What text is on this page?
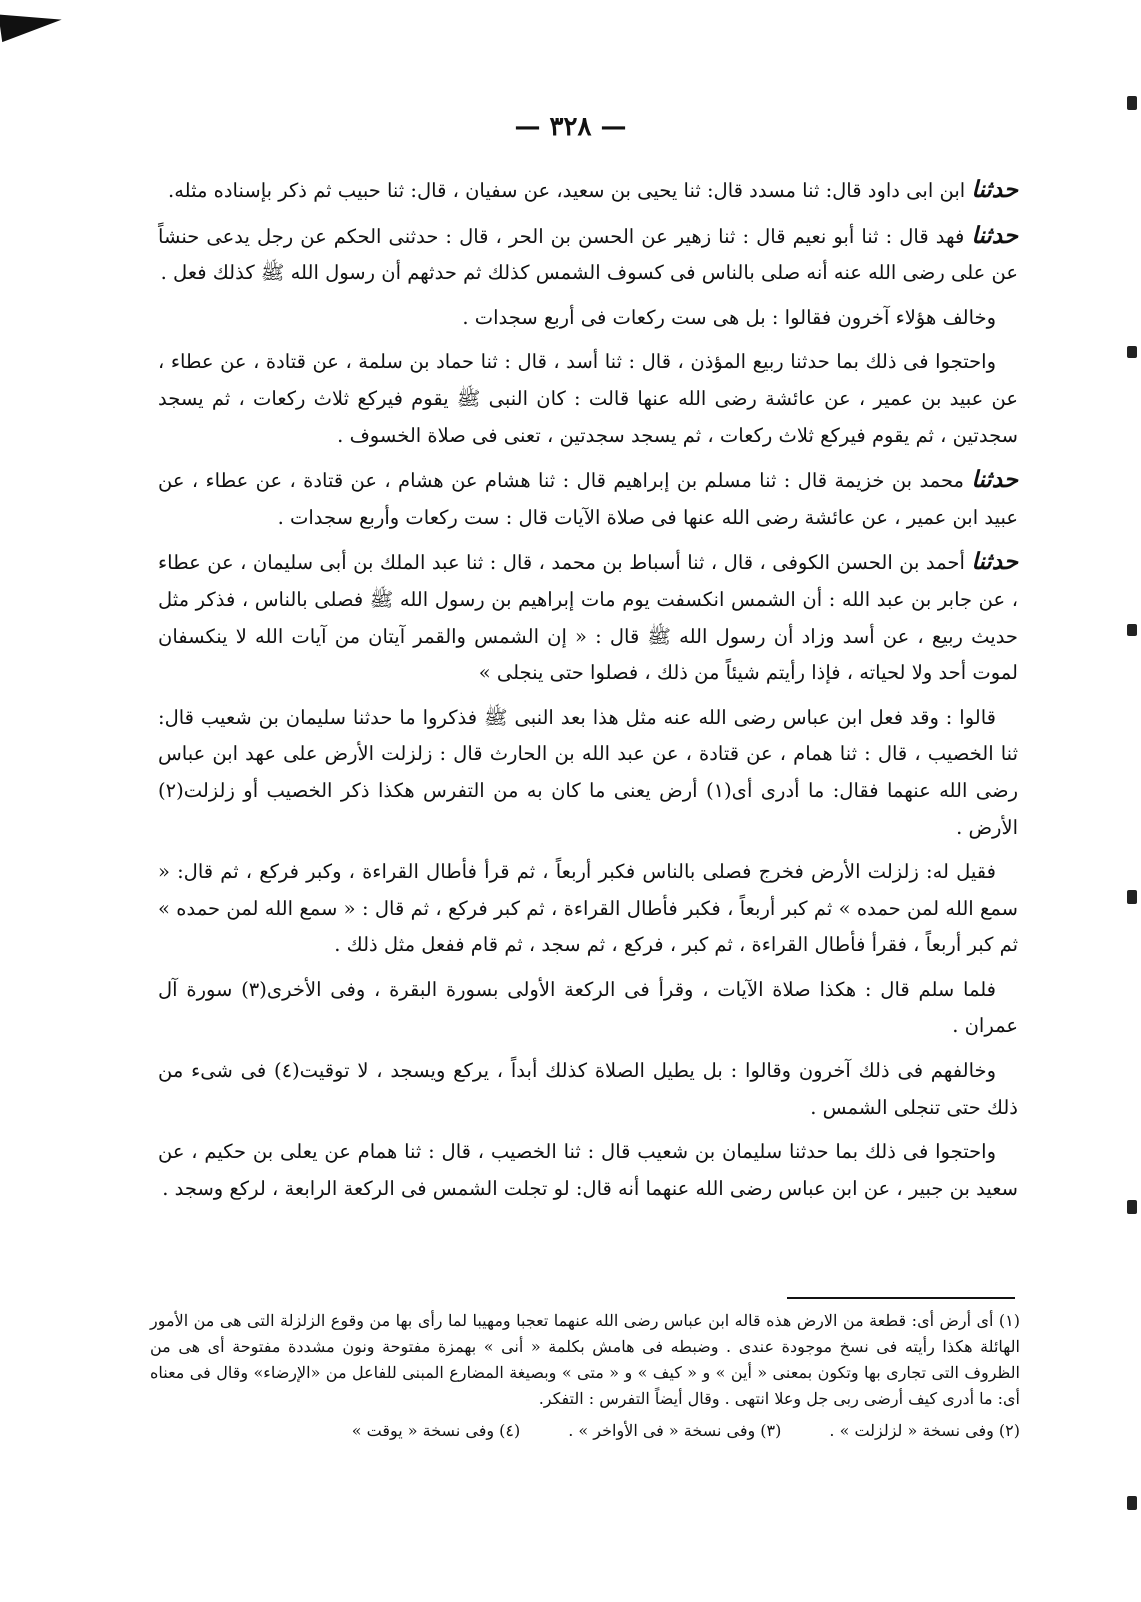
— ٣٢٨ —

حدثنا ابن ابى داود قال: ثنا مسدد قال: ثنا يحيى بن سعيد، عن سفيان ، قال: ثنا حبيب ثم ذكر بإسناده مثله.

حدثنا فهد قال : ثنا أبو نعيم قال : ثنا زهير عن الحسن بن الحر ، قال : حدثنى الحكم عن رجل يدعى حنشاً عن على رضى الله عنه أنه صلى بالناس فى كسوف الشمس كذلك ثم حدثهم أن رسول الله ﷺ كذلك فعل .

وخالف هؤلاء آخرون فقالوا : بل هى ست ركعات فى أربع سجدات .

واحتجوا فى ذلك بما حدثنا ربيع المؤذن ، قال : ثنا أسد ، قال : ثنا حماد بن سلمة ، عن قتادة ، عن عطاء ، عن عبيد بن عمير ، عن عائشة رضى الله عنها قالت : كان النبى ﷺ يقوم فيركع ثلاث ركعات ، ثم يسجد سجدتين ، ثم يقوم فيركع ثلاث ركعات ، ثم يسجد سجدتين ، تعنى فى صلاة الخسوف .

حدثنا محمد بن خزيمة قال : ثنا مسلم بن إبراهيم قال : ثنا هشام عن هشام ، عن قتادة ، عن عطاء ، عن عبيد ابن عمير ، عن عائشة رضى الله عنها فى صلاة الآيات قال : ست ركعات وأربع سجدات .

حدثنا أحمد بن الحسن الكوفى ، قال ، ثنا أسباط بن محمد ، قال : ثنا عبد الملك بن أبى سليمان ، عن عطاء ، عن جابر بن عبد الله : أن الشمس انكسفت يوم مات إبراهيم بن رسول الله ﷺ فصلى بالناس ، فذكر مثل حديث ربيع ، عن أسد وزاد أن رسول الله ﷺ قال : « إن الشمس والقمر آيتان من آيات الله لا ينكسفان لموت أحد ولا لحياته ، فإذا رأيتم شيئاً من ذلك ، فصلوا حتى ينجلى »

قالوا : وقد فعل ابن عباس رضى الله عنه مثل هذا بعد النبى ﷺ فذكروا ما حدثنا سليمان بن شعيب قال: ثنا الخصيب ، قال : ثنا همام ، عن قتادة ، عن عبد الله بن الحارث قال : زلزلت الأرض على عهد ابن عباس رضى الله عنهما فقال: ما أدرى أى(١) أرض يعنى ما كان به من التفرس هكذا ذكر الخصيب أو زلزلت(٢) الأرض .

فقيل له: زلزلت الأرض فخرج فصلى بالناس فكبر أربعاً ، ثم قرأ فأطال القراءة ، وكبر فركع ، ثم قال: « سمع الله لمن حمده » ثم كبر أربعاً ، فكبر فأطال القراءة ، ثم كبر فركع ، ثم قال : « سمع الله لمن حمده » ثم كبر أربعاً ، فقرأ فأطال القراءة ، ثم كبر ، فركع ، ثم سجد ، ثم قام ففعل مثل ذلك .

فلما سلم قال : هكذا صلاة الآيات ، وقرأ فى الركعة الأولى بسورة البقرة ، وفى الأخرى(٣) سورة آل عمران .

وخالفهم فى ذلك آخرون وقالوا : بل يطيل الصلاة كذلك أبداً ، يركع ويسجد ، لا توقيت(٤) فى شىء من ذلك حتى تنجلى الشمس .

واحتجوا فى ذلك بما حدثنا سليمان بن شعيب قال : ثنا الخصيب ، قال : ثنا همام عن يعلى بن حكيم ، عن سعيد بن جبير ، عن ابن عباس رضى الله عنهما أنه قال: لو تجلت الشمس فى الركعة الرابعة ، لركع وسجد .

(١) أى أرض أى: قطعة من الارض هذه قاله ابن عباس رضى الله عنهما تعجبا ومهيبا لما رأى بها من وقوع الزلزلة التى هى من الأمور الهائلة هكذا رأيته فى نسخ موجودة عندى . وضبطه فى هامش بكلمة « أنى » بهمزة مفتوحة ونون مشددة مفتوحة أى هى من الظروف التى تجارى بها وتكون بمعنى « أين » و « كيف » و « متى » وبصيغة المضارع المبنى للفاعل من «الإرضاء» وقال فى معناه أى: ما أدرى كيف أرضى ربى جل وعلا انتهى . وقال أيضاً التفرس : التفكر.

(٢) وفى نسخة « لزلزلت » .
(٣) وفى نسخة « فى الأواخر » .
(٤) وفى نسخة « يوقت »
